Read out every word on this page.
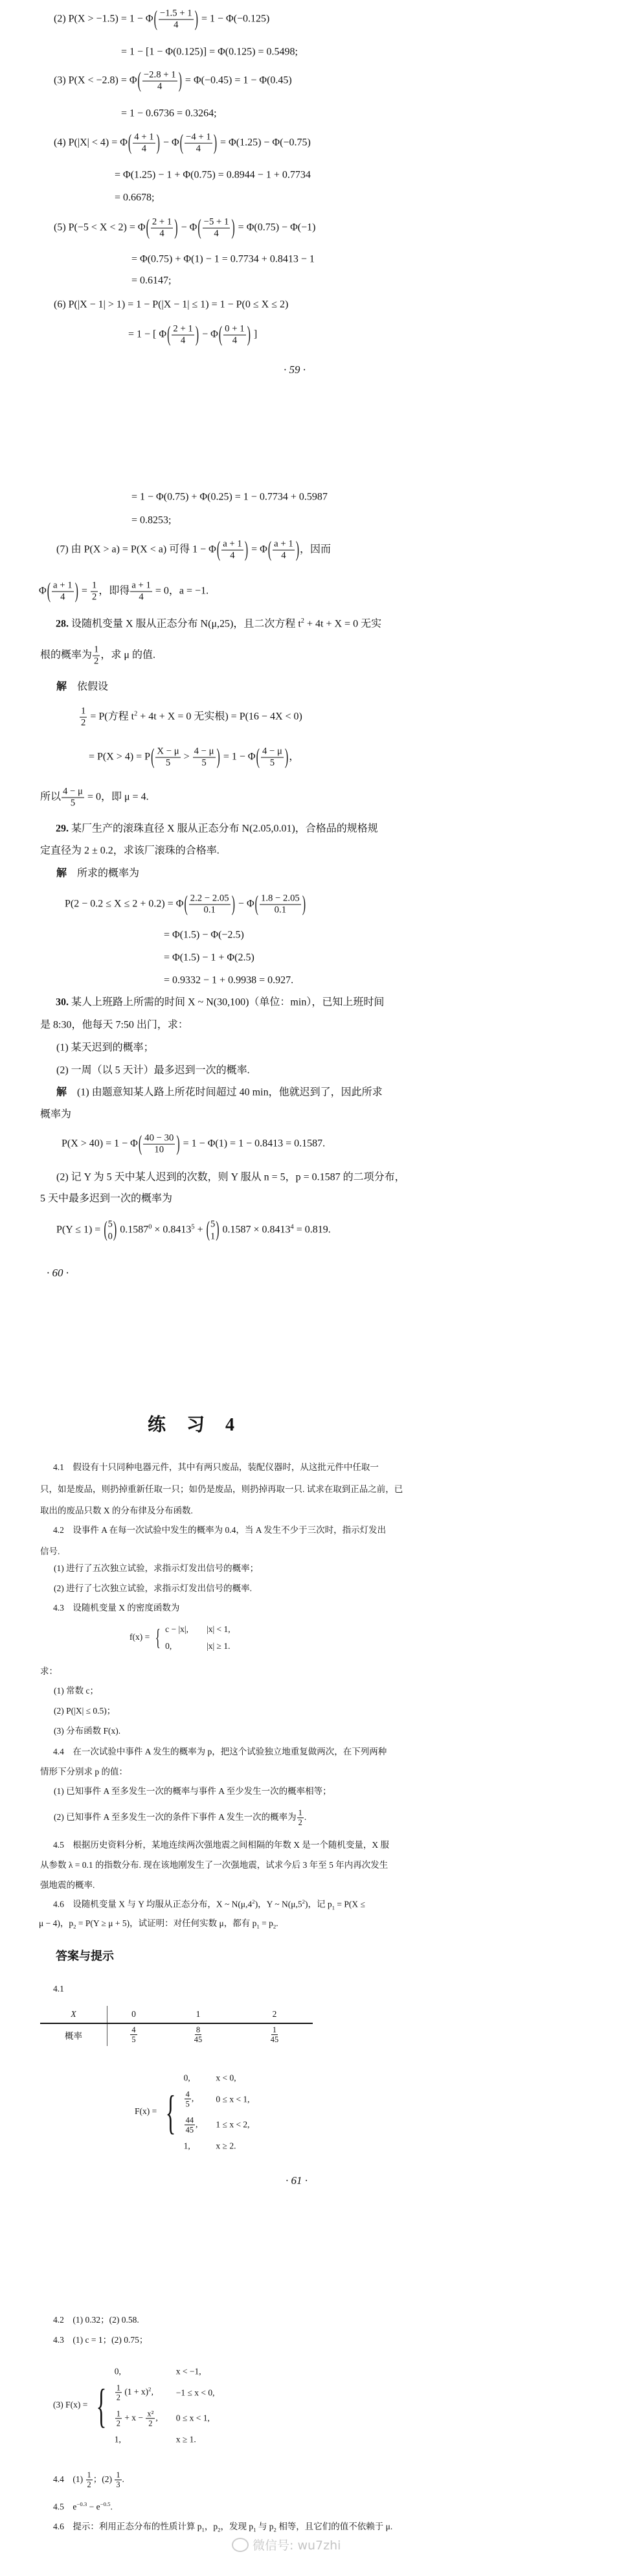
(2) $P(X > -1.5) = 1 - \Phi( \frac{-1.5 + 1}{4}$ ) = 1 − Φ(−0.125)
= 1 − [1 − Φ(0.125)] = Φ(0.125) = 0.5498;
(3) $P(X < -2.8) = \Phi( \frac{-2.8 + 1}{4}$ ) = Φ(−0.45) = 1 − Φ(0.45)
= 1 − 0.6736 = 0.3264;
(4) $P(|X| < 4) = \Phi( \frac{4 + 1}{4}$ ) − $\Phi( \frac{-4 + 1}{4}$ ) = Φ(1.25) − Φ(−0.75)
= Φ(1.25) − 1 + Φ(0.75) = 0.8944 − 1 + 0.7734
= 0.6678;
(5) $P(-5 < X < 2) = \Phi( \frac{2 + 1}{4}$ ) − $\Phi( \frac{-5 + 1}{4}$ ) = Φ(0.75) − Φ(−1)
= Φ(0.75) + Φ(1) − 1 = 0.7734 + 0.8413 − 1
= 0.6147;
(6) P(|X − 1| > 1) = 1 − P(|X − 1| ≤ 1) = 1 − P(0 ≤ X ≤ 2)
= 1 − [ $\Phi( \frac{2 + 1}{4}$ ) − $\Phi( \frac{0 + 1}{4}$ ) ]
· 59 ·
= 1 − Φ(0.75) + Φ(0.25) = 1 − 0.7734 + 0.5987
= 0.8253;
(7) 由 P(X > a) = P(X < a) 可得 $1 - \Phi( \frac{a + 1}{4}$ ) = $\Phi( \frac{a + 1}{4}$ )，因而
$\Phi( \frac{a + 1}{4}$ ) = $\frac{1}{2}$ ，即得 $\frac{a + 1}{4} = 0$，a = −1.
28. 设随机变量 X 服从正态分布 N(μ,25)，且二次方程 $t^2 + 4t + X = 0$ 无实
根的概率为 $\frac{1}{2}$ ，求 μ 的值.
解　依假设
$\frac{1}{2} = P$(方程 $t^2 + 4t + X = 0$ 无实根) = P(16 − 4X < 0)
= $P(X > 4) = P( \frac{X - \mu}{5} > \frac{4 - \mu}{5}$ ) = $1 - \Phi( \frac{4 - \mu}{5}$ )，
所以 $\frac{4 - \mu}{5} = 0$，即 μ = 4.
29. 某厂生产的滚珠直径 X 服从正态分布 N(2.05,0.01)，合格品的规格规
定直径为 2 ± 0.2，求该厂滚珠的合格率.
解　所求的概率为
$P(2 - 0.2 \le X \le 2 + 0.2) = \Phi( \frac{2.2 - 2.05}{0.1}$ ) − $\Phi( \frac{1.8 - 2.05}{0.1}$ )
= Φ(1.5) − Φ(−2.5)
= Φ(1.5) − 1 + Φ(2.5)
= 0.9332 − 1 + 0.9938 = 0.927.
30. 某人上班路上所需的时间 X ~ N(30,100)（单位：min），已知上班时间
是 8:30，他每天 7:50 出门，求：
(1) 某天迟到的概率；
(2) 一周（以 5 天计）最多迟到一次的概率.
解　(1) 由题意知某人路上所花时间超过 40 min，他就迟到了，因此所求
概率为
$P(X > 40) = 1 - \Phi( \frac{40 - 30}{10}$ ) = 1 − Φ(1) = 1 − 0.8413 = 0.1587.
(2) 记 Y 为 5 天中某人迟到的次数，则 Y 服从 n = 5，p = 0.1587 的二项分布，
5 天中最多迟到一次的概率为
P(Y ≤ 1) = ( 5
0 ) $0.1587^0 \times 0.8413^5$ + ( 5
1 ) $0.1587 \times 0.8413^4 = 0.819$.
· 60 ·
练　习　4
4.1　假设有十只同种电器元件，其中有两只废品，装配仪器时，从这批元件中任取一
只，如是废品，则扔掉重新任取一只；如仍是废品，则扔掉再取一只. 试求在取到正品之前，已
取出的废品只数 X 的分布律及分布函数.
4.2　设事件 A 在每一次试验中发生的概率为 0.4，当 A 发生不少于三次时，指示灯发出
信号.
(1) 进行了五次独立试验，求指示灯发出信号的概率；
(2) 进行了七次独立试验，求指示灯发出信号的概率.
4.3　设随机变量 X 的密度函数为
f(x) = { c − |x|, |x| < 1,
0,	|x| ≥ 1.
求：
(1) 常数 c；
(2) P(|X| ≤ 0.5)；
(3) 分布函数 F(x).
4.4　在一次试验中事件 A 发生的概率为 p，把这个试验独立地重复做两次，在下列两种
情形下分别求 p 的值：
(1) 已知事件 A 至多发生一次的概率与事件 A 至少发生一次的概率相等；
(2) 已知事件 A 至多发生一次的条件下事件 A 发生一次的概率为 $\frac{1}{2}$ .
4.5　根据历史资料分析，某地连续两次强地震之间相隔的年数 X 是一个随机变量，X 服
从参数 λ = 0.1 的指数分布. 现在该地刚发生了一次强地震，试求今后 3 年至 5 年内再次发生
强地震的概率.
4.6　设随机变量 X 与 Y 均服从正态分布，X ~ $N(\mu,4^2)$，Y ~ $N(\mu,5^2)$，记 $p_1 = P(X$ ≤
μ − 4)，$p_2 = P(Y \ge \mu + 5)$，试证明：对任何实数 μ，都有 $p_1 = p_2$.
答案与提示
4.1
X	0	1	2
概率	$\frac{4}{5}$	$\frac{8}{45}$	$\frac{1}{45}$
F(x) = {
0,	x < 0,
$\frac{4}{5}$ ,	0 ≤ x < 1,
$\frac{44}{45}$ , 1 ≤ x < 2,
1,	x ≥ 2.
· 61 ·
4.2　(1) 0.32；(2) 0.58.
4.3　(1) c = 1；(2) 0.75；
(3) F(x) = {
0,	x < −1,
$\frac{1}{2} (1 + x)^2$,	−1 ≤ x < 0,
$\frac{1}{2} + x - \frac{\text{x²}}{2}$ , 0 ≤ x < 1,
1,	x ≥ 1.
4.4　$(1) \frac{1}{2}$ ；$(2) \frac{1}{3}$ .
4.5　$e^{-0.3} - e^{-0.5}$.
4.6　提示：利用正态分布的性质计算 $p_1$，$p_2$，发现 $p_1$ 与 $p_2$ 相等，且它们的值不依赖于 μ.
微信号: wu7zhi
